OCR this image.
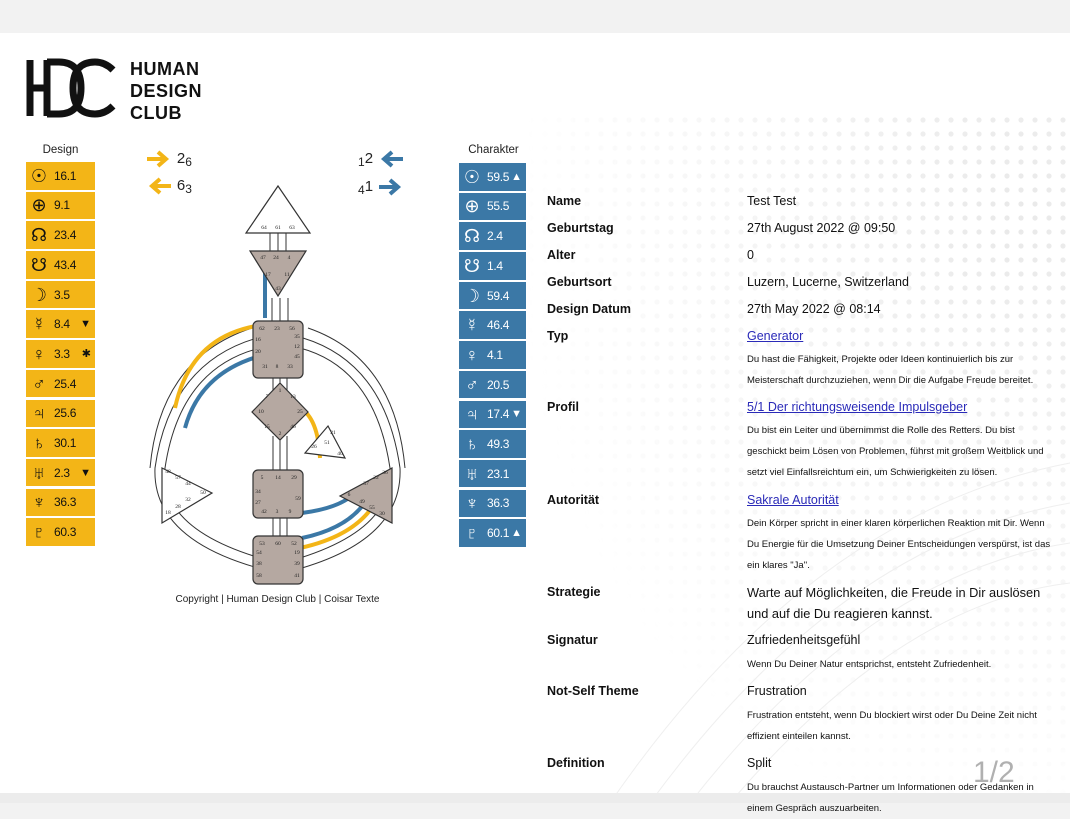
HUMAN
DESIGN
CLUB
Design
☉ 16.1
⊕ 9.1
☊ 23.4
☋ 43.4
☽ 3.5
☿ 8.4 ▼
♀ 3.3 ✱
♂ 25.4
♃ 25.6
♄ 30.1
♅ 2.3 ▼
♆ 36.3
♇ 60.3
Charakter
☉ 59.5 ▲
⊕ 55.5
☊ 2.4
☋ 1.4
☽ 59.4
☿ 46.4
♀ 4.1
♂ 20.5
♃ 17.4 ▼
♄ 49.3
♅ 23.1
♆ 36.3
♇ 60.1 ▲
26
63
12
41
64 61 63
47 24 4
17 11
43
62 23 56
16	35
20
12
31 8 33
45
7
1
13
25
10
15	46
2	21
26
51
40
48
57
44
50
32
28
18
36
22
37
6
49
55
30
5 14 29
34
27
42 3 9
59
53 60 52
54	19
38	39
58	41
Copyright | Human Design Club | Coisar Texte
Name	Test Test
Geburtstag	27th August 2022 @ 09:50
Alter	0
Geburtsort	Luzern, Lucerne, Switzerland
Design Datum	27th May 2022 @ 08:14
Typ	Generator
Du hast die Fähigkeit, Projekte oder Ideen kontinuierlich bis zur Meisterschaft durchzuziehen, wenn Dir die Aufgabe Freude bereitet.
Profil	5/1 Der richtungsweisende Impulsgeber
Du bist ein Leiter und übernimmst die Rolle des Retters. Du bist geschickt beim Lösen von Problemen, führst mit großem Weitblick und setzt viel Einfallsreichtum ein, um Schwierigkeiten zu lösen.
Autorität	Sakrale Autorität
Dein Körper spricht in einer klaren körperlichen Reaktion mit Dir. Wenn Du Energie für die Umsetzung Deiner Entscheidungen verspürst, ist das ein klares "Ja".
Strategie	Warte auf Möglichkeiten, die Freude in Dir auslösen und auf die Du reagieren kannst.
Signatur	Zufriedenheitsgefühl
Wenn Du Deiner Natur entsprichst, entsteht Zufriedenheit.
Not-Self Theme	Frustration
Frustration entsteht, wenn Du blockiert wirst oder Du Deine Zeit nicht effizient einteilen kannst.
Definition	Split
Du brauchst Austausch-Partner um Informationen oder Gedanken in einem Gespräch auszuarbeiten.
1/2
